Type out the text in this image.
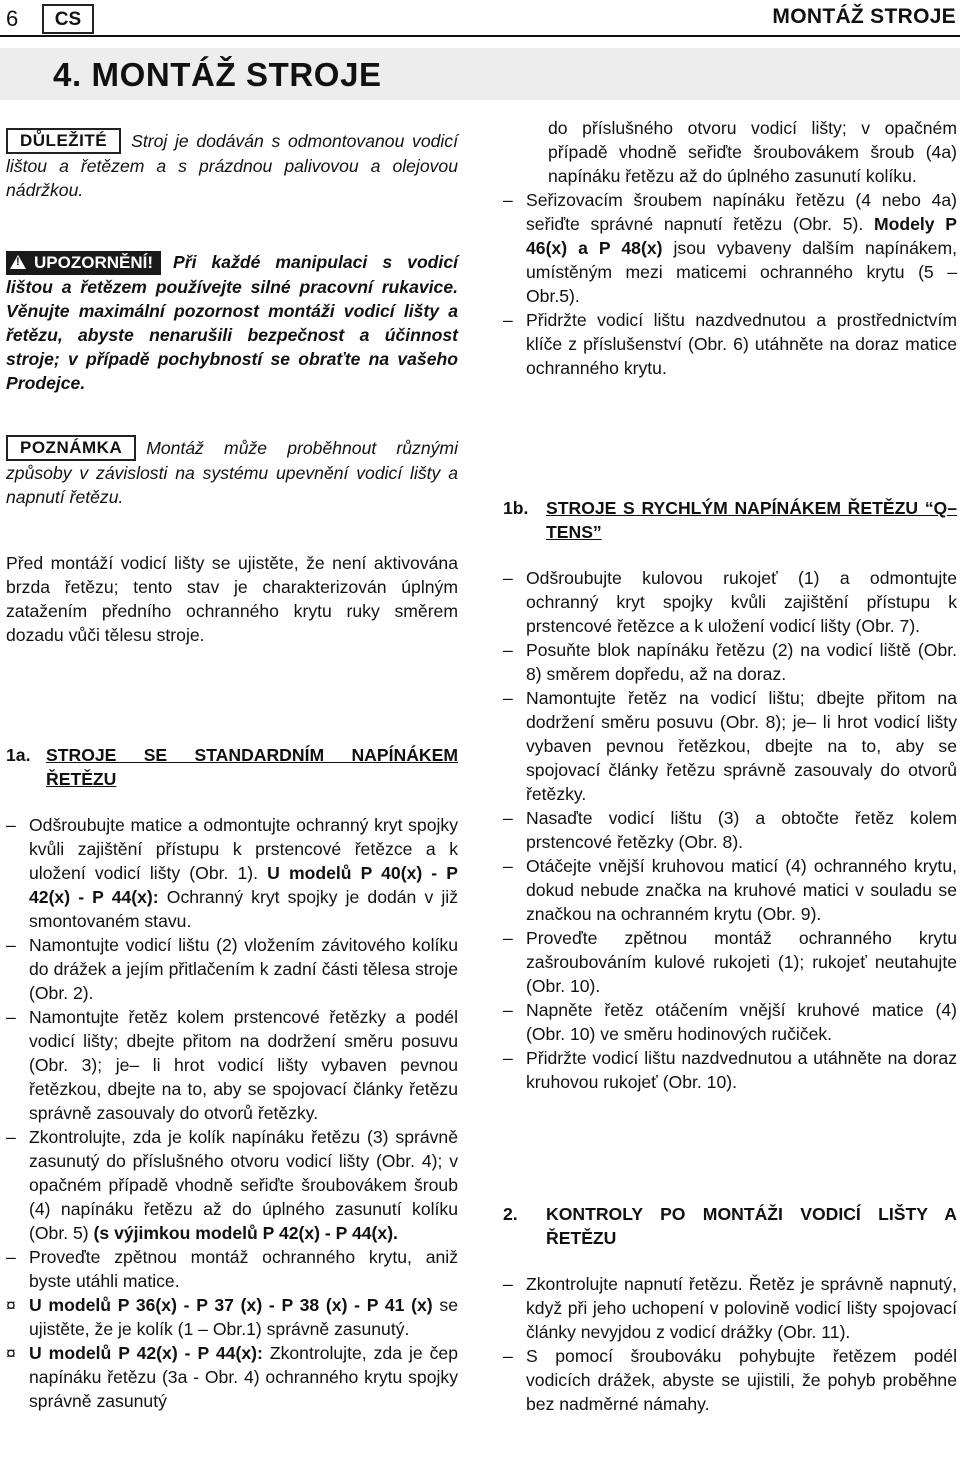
6	CS	MONTÁŽ STROJE
4. MONTÁŽ STROJE

DŮLEŽITÉ Stroj je dodáván s odmontovanou vodicí lištou a řetězem a s prázdnou palivovou a olejovou nádržkou.

!UPOZORNĚNÍ! Při každé manipulaci s vodicí lištou a řetězem používejte silné pracovní rukavice. Věnujte maximální pozornost montáži vodicí lišty a řetězu, abyste nenarušili bezpečnost a účinnost stroje; v případě pochybností se obraťte na vašeho Prodejce.

POZNÁMKA Montáž může proběhnout různými způsoby v závislosti na systému upevnění vodicí lišty a napnutí řetězu.

Před montáží vodicí lišty se ujistěte, že není aktivována brzda řetězu; tento stav je charakterizován úplným zatažením předního ochranného krytu ruky směrem dozadu vůči tělesu stroje.

1a. STROJE SE STANDARDNÍM NAPÍNÁKEM ŘETĚZU
– Odšroubujte matice a odmontujte ochranný kryt spojky kvůli zajištění přístupu k prstencové řetězce a k uložení vodicí lišty (Obr. 1). U modelů P 40(x) - P 42(x) - P 44(x): Ochranný kryt spojky je dodán v již smontovaném stavu.
– Namontujte vodicí lištu (2) vložením závitového kolíku do drážek a jejím přitlačením k zadní části tělesa stroje (Obr. 2).
– Namontujte řetěz kolem prstencové řetězky a podél vodicí lišty; dbejte přitom na dodržení směru posuvu (Obr. 3); je– li hrot vodicí lišty vybaven pevnou řetězkou, dbejte na to, aby se spojovací články řetězu správně zasouvaly do otvorů řetězky.
– Zkontrolujte, zda je kolík napínáku řetězu (3) správně zasunutý do příslušného otvoru vodicí lišty (Obr. 4); v opačném případě vhodně seřiďte šroubovákem šroub (4) napínáku řetězu až do úplného zasunutí kolíku (Obr. 5) (s výjimkou modelů P 42(x) - P 44(x).
– Proveďte zpětnou montáž ochranného krytu, aniž byste utáhli matice.
¤ U modelů P 36(x) - P 37 (x) - P 38 (x) - P 41 (x) se ujistěte, že je kolík (1 – Obr.1) správně zasunutý.
¤ U modelů P 42(x) - P 44(x): Zkontrolujte, zda je čep napínáku řetězu (3a - Obr. 4) ochranného krytu spojky správně zasunutý

do příslušného otvoru vodicí lišty; v opačném případě vhodně seřiďte šroubovákem šroub (4a) napínáku řetězu až do úplného zasunutí kolíku.

– Seřizovacím šroubem napínáku řetězu (4 nebo 4a) seřiďte správné napnutí řetězu (Obr. 5). Modely P 46(x) a P 48(x) jsou vybaveny dalším napínákem, umístěným mezi maticemi ochranného krytu (5 – Obr.5).
– Přidržte vodicí lištu nazdvednutou a prostřednictvím klíče z příslušenství (Obr. 6) utáhněte na doraz matice ochranného krytu.
1b. STROJE S RYCHLÝM NAPÍNÁKEM ŘETĚZU “Q– TENS”
– Odšroubujte kulovou rukojeť (1) a odmontujte ochranný kryt spojky kvůli zajištění přístupu k prstencové řetězce a k uložení vodicí lišty (Obr. 7).
– Posuňte blok napínáku řetězu (2) na vodicí liště (Obr. 8) směrem dopředu, až na doraz.
– Namontujte řetěz na vodicí lištu; dbejte přitom na dodržení směru posuvu (Obr. 8); je– li hrot vodicí lišty vybaven pevnou řetězkou, dbejte na to, aby se spojovací články řetězu správně zasouvaly do otvorů řetězky.
– Nasaďte vodicí lištu (3) a obtočte řetěz kolem prstencové řetězky (Obr. 8).
– Otáčejte vnější kruhovou maticí (4) ochranného krytu, dokud nebude značka na kruhové matici v souladu se značkou na ochranném krytu (Obr. 9).
– Proveďte zpětnou montáž ochranného krytu zašroubováním kulové rukojeti (1); rukojeť neutahujte (Obr. 10).
– Napněte řetěz otáčením vnější kruhové matice (4) (Obr. 10) ve směru hodinových ručiček.
– Přidržte vodicí lištu nazdvednutou a utáhněte na doraz kruhovou rukojeť (Obr. 10).
2.	KONTROLY PO MONTÁŽI VODICÍ LIŠTY A ŘETĚZU
– Zkontrolujte napnutí řetězu. Řetěz je správně napnutý, když při jeho uchopení v polovině vodicí lišty spojovací články nevyjdou z vodicí drážky (Obr. 11).
– S pomocí šroubováku pohybujte řetězem podél vodicích drážek, abyste se ujistili, že pohyb proběhne bez nadměrné námahy.
